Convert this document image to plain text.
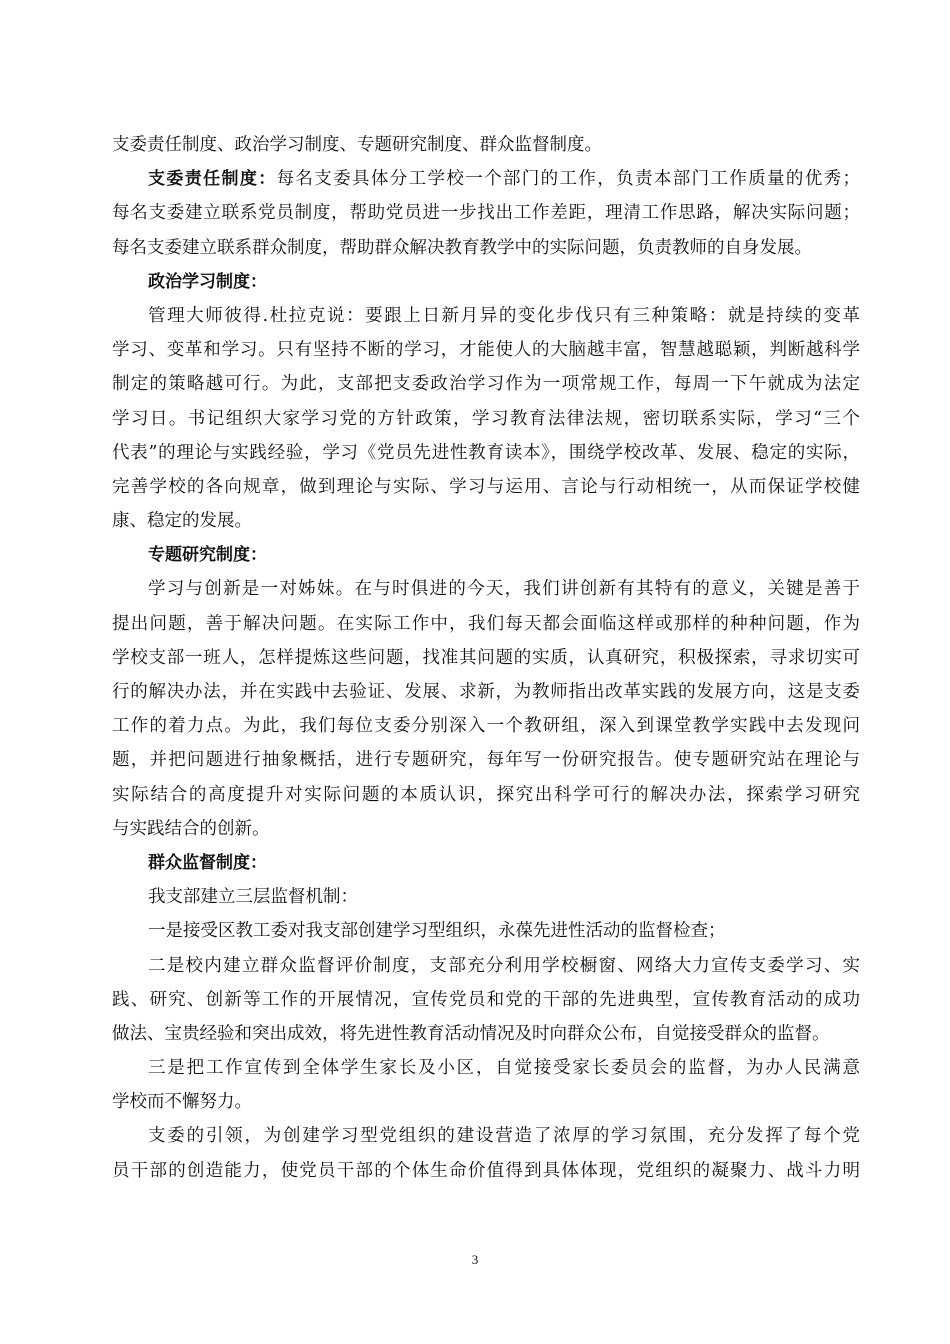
支委责任制度、政治学习制度、专题研究制度、群众监督制度。
支委责任制度：每名支委具体分工学校一个部门的工作，负责本部门工作质量的优秀；
每名支委建立联系党员制度，帮助党员进一步找出工作差距，理清工作思路，解决实际问题；
每名支委建立联系群众制度，帮助群众解决教育教学中的实际问题，负责教师的自身发展。
政治学习制度：
管理大师彼得.杜拉克说：要跟上日新月异的变化步伐只有三种策略：就是持续的变革
学习、变革和学习。只有坚持不断的学习，才能使人的大脑越丰富，智慧越聪颖，判断越科学
制定的策略越可行。为此，支部把支委政治学习作为一项常规工作，每周一下午就成为法定
学习日。书记组织大家学习党的方针政策，学习教育法律法规，密切联系实际，学习“三个
代表”的理论与实践经验，学习《党员先进性教育读本》，围绕学校改革、发展、稳定的实际，
完善学校的各向规章，做到理论与实际、学习与运用、言论与行动相统一，从而保证学校健
康、稳定的发展。
专题研究制度：
学习与创新是一对姊妹。在与时俱进的今天，我们讲创新有其特有的意义，关键是善于
提出问题，善于解决问题。在实际工作中，我们每天都会面临这样或那样的种种问题，作为
学校支部一班人，怎样提炼这些问题，找准其问题的实质，认真研究，积极探索，寻求切实可
行的解决办法，并在实践中去验证、发展、求新，为教师指出改革实践的发展方向，这是支委
工作的着力点。为此，我们每位支委分别深入一个教研组，深入到课堂教学实践中去发现问
题，并把问题进行抽象概括，进行专题研究，每年写一份研究报告。使专题研究站在理论与
实际结合的高度提升对实际问题的本质认识，探究出科学可行的解决办法，探索学习研究
与实践结合的创新。
群众监督制度：
我支部建立三层监督机制：
一是接受区教工委对我支部创建学习型组织，永葆先进性活动的监督检查；
二是校内建立群众监督评价制度，支部充分利用学校橱窗、网络大力宣传支委学习、实
践、研究、创新等工作的开展情况，宣传党员和党的干部的先进典型，宣传教育活动的成功
做法、宝贵经验和突出成效，将先进性教育活动情况及时向群众公布，自觉接受群众的监督。
三是把工作宣传到全体学生家长及小区，自觉接受家长委员会的监督，为办人民满意
学校而不懈努力。
支委的引领，为创建学习型党组织的建设营造了浓厚的学习氛围，充分发挥了每个党
员干部的创造能力，使党员干部的个体生命价值得到具体体现，党组织的凝聚力、战斗力明
3
